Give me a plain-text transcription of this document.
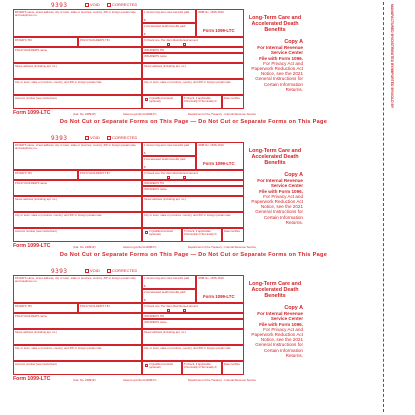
MANUFACTURED BY/DISTRIBUTED BY/IMPORTED BY/SOLD BY
9393	VOID	CORRECTED
PAYER'S name, street address, city or town, state or province, country, ZIP or foreign postal code, and telephone no.
1 Gross long-term care benefits paid
$
2 Accelerated death benefits paid
$
OMB No. 1545-1519
Form 1099-LTC
PAYER'S TIN	POLICYHOLDER'S TIN	3 Check one: Per diem Reimbursed amount
POLICYHOLDER'S name	INSURED'S TIN
INSURED'S name
Street address (including apt. no.)	Street address (including apt. no.)
City or town, state or province, country, and ZIP or foreign postal code	City or town, state or province, country, and ZIP or foreign postal code
Account number (see instructions)	4 Qualified contract (optional)
5 Check, if applicable: Chronically ill Terminally ill
Date certified
Long-Term Care and Accelerated Death Benefits
Copy A
For Internal Revenue Service Center
File with Form 1096.
For Privacy Act and Paperwork Reduction Act Notice, see the 2021 General Instructions for Certain Information Returns.
Form 1099-LTC	(Cat. No. 23891P)	www.irs.gov/Form1099LTC	Department of the Treasury - Internal Revenue Service
Do Not Cut or Separate Forms on This Page — Do Not Cut or Separate Forms on This Page
9393	VOID	CORRECTED
PAYER'S name, street address, city or town, state or province, country, ZIP or foreign postal code, and telephone no.
1 Gross long-term care benefits paid
$
2 Accelerated death benefits paid
$
OMB No. 1545-1519
Form 1099-LTC
PAYER'S TIN	POLICYHOLDER'S TIN	3 Check one: Per diem Reimbursed amount
POLICYHOLDER'S name	INSURED'S TIN
INSURED'S name
Street address (including apt. no.)	Street address (including apt. no.)
City or town, state or province, country, and ZIP or foreign postal code	City or town, state or province, country, and ZIP or foreign postal code
Account number (see instructions)	4 Qualified contract (optional)
5 Check, if applicable: Chronically ill Terminally ill
Date certified
Long-Term Care and Accelerated Death Benefits
Copy A
For Internal Revenue Service Center
File with Form 1096.
For Privacy Act and Paperwork Reduction Act Notice, see the 2021 General Instructions for Certain Information Returns.
Form 1099-LTC	(Cat. No. 23891P)	www.irs.gov/Form1099LTC	Department of the Treasury - Internal Revenue Service
Do Not Cut or Separate Forms on This Page — Do Not Cut or Separate Forms on This Page
9393	VOID	CORRECTED
PAYER'S name, street address, city or town, state or province, country, ZIP or foreign postal code, and telephone no.
1 Gross long-term care benefits paid
$
2 Accelerated death benefits paid
$
OMB No. 1545-1519
Form 1099-LTC
PAYER'S TIN	POLICYHOLDER'S TIN	3 Check one: Per diem Reimbursed amount
POLICYHOLDER'S name	INSURED'S TIN
INSURED'S name
Street address (including apt. no.)	Street address (including apt. no.)
City or town, state or province, country, and ZIP or foreign postal code	City or town, state or province, country, and ZIP or foreign postal code
Account number (see instructions)	4 Qualified contract (optional)
5 Check, if applicable: Chronically ill Terminally ill
Date certified
Long-Term Care and Accelerated Death Benefits
Copy A
For Internal Revenue Service Center
File with Form 1096.
For Privacy Act and Paperwork Reduction Act Notice, see the 2021 General Instructions for Certain Information Returns.
Form 1099-LTC	(Cat. No. 23891P)	www.irs.gov/Form1099LTC	Department of the Treasury - Internal Revenue Service
